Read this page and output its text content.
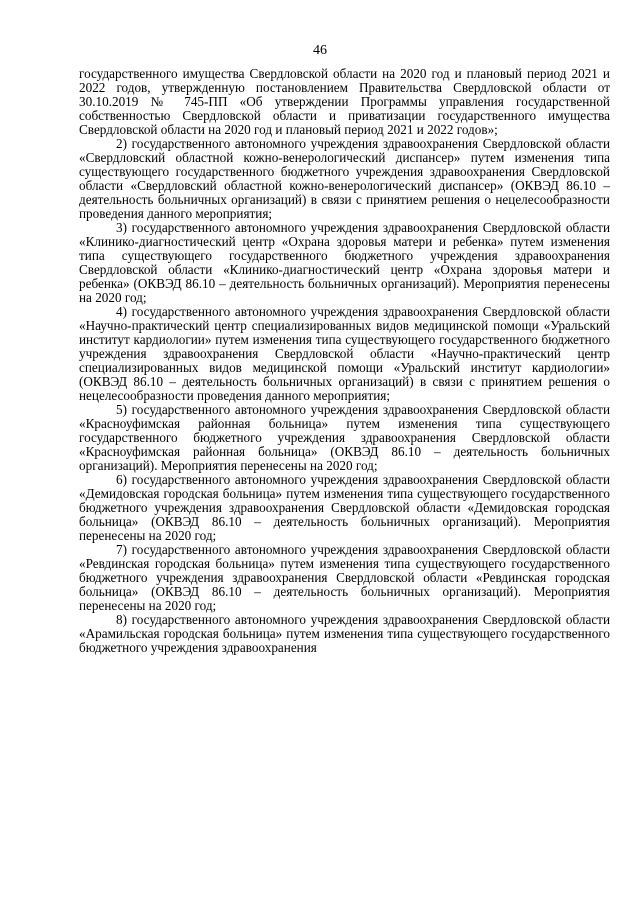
46

государственного имущества Свердловской области на 2020 год и плановый период 2021 и 2022 годов, утвержденную постановлением Правительства Свердловской области от 30.10.2019 № 745-ПП «Об утверждении Программы управления государственной собственностью Свердловской области и приватизации государственного имущества Свердловской области на 2020 год и плановый период 2021 и 2022 годов»;

2) государственного автономного учреждения здравоохранения Свердловской области «Свердловский областной кожно-венерологический диспансер» путем изменения типа существующего государственного бюджетного учреждения здравоохранения Свердловской области «Свердловский областной кожно-венерологический диспансер» (ОКВЭД 86.10 – деятельность больничных организаций) в связи с принятием решения о нецелесообразности проведения данного мероприятия;

3) государственного автономного учреждения здравоохранения Свердловской области «Клинико-диагностический центр «Охрана здоровья матери и ребенка» путем изменения типа существующего государственного бюджетного учреждения здравоохранения Свердловской области «Клинико-диагностический центр «Охрана здоровья матери и ребенка» (ОКВЭД 86.10 – деятельность больничных организаций). Мероприятия перенесены на 2020 год;

4) государственного автономного учреждения здравоохранения Свердловской области «Научно-практический центр специализированных видов медицинской помощи «Уральский институт кардиологии» путем изменения типа существующего государственного бюджетного учреждения здравоохранения Свердловской области «Научно-практический центр специализированных видов медицинской помощи «Уральский институт кардиологии» (ОКВЭД 86.10 – деятельность больничных организаций) в связи с принятием решения о нецелесообразности проведения данного мероприятия;

5) государственного автономного учреждения здравоохранения Свердловской области «Красноуфимская районная больница» путем изменения типа существующего государственного бюджетного учреждения здравоохранения Свердловской области «Красноуфимская районная больница» (ОКВЭД 86.10 – деятельность больничных организаций). Мероприятия перенесены на 2020 год;

6) государственного автономного учреждения здравоохранения Свердловской области «Демидовская городская больница» путем изменения типа существующего государственного бюджетного учреждения здравоохранения Свердловской области «Демидовская городская больница» (ОКВЭД 86.10 – деятельность больничных организаций). Мероприятия перенесены на 2020 год;

7) государственного автономного учреждения здравоохранения Свердловской области «Ревдинская городская больница» путем изменения типа существующего государственного бюджетного учреждения здравоохранения Свердловской области «Ревдинская городская больница» (ОКВЭД 86.10 – деятельность больничных организаций). Мероприятия перенесены на 2020 год;

8) государственного автономного учреждения здравоохранения Свердловской области «Арамильская городская больница» путем изменения типа существующего государственного бюджетного учреждения здравоохранения
